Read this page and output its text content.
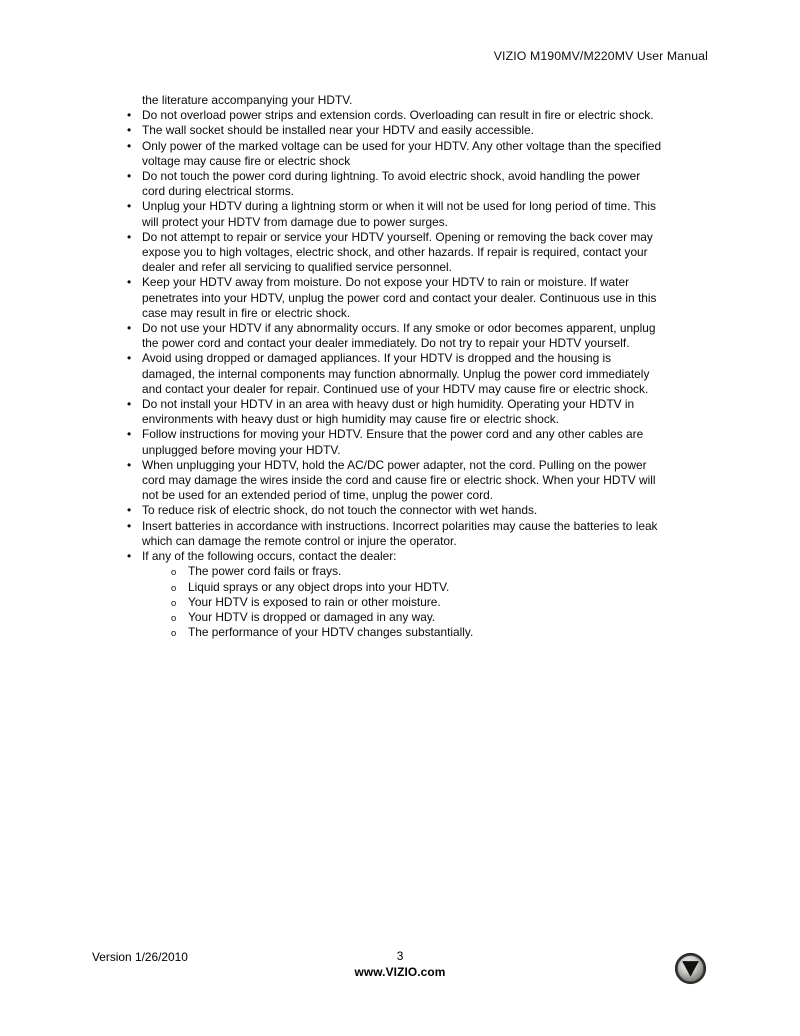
VIZIO M190MV/M220MV User Manual

the literature accompanying your HDTV.

• Do not overload power strips and extension cords. Overloading can result in fire or electric shock.
• The wall socket should be installed near your HDTV and easily accessible.
• Only power of the marked voltage can be used for your HDTV. Any other voltage than the specified voltage may cause fire or electric shock
• Do not touch the power cord during lightning. To avoid electric shock, avoid handling the power cord during electrical storms.
• Unplug your HDTV during a lightning storm or when it will not be used for long period of time. This will protect your HDTV from damage due to power surges.
• Do not attempt to repair or service your HDTV yourself. Opening or removing the back cover may expose you to high voltages, electric shock, and other hazards. If repair is required, contact your dealer and refer all servicing to qualified service personnel.
• Keep your HDTV away from moisture. Do not expose your HDTV to rain or moisture. If water penetrates into your HDTV, unplug the power cord and contact your dealer. Continuous use in this case may result in fire or electric shock.
• Do not use your HDTV if any abnormality occurs. If any smoke or odor becomes apparent, unplug the power cord and contact your dealer immediately. Do not try to repair your HDTV yourself.
• Avoid using dropped or damaged appliances. If your HDTV is dropped and the housing is damaged, the internal components may function abnormally. Unplug the power cord immediately and contact your dealer for repair. Continued use of your HDTV may cause fire or electric shock.
• Do not install your HDTV in an area with heavy dust or high humidity. Operating your HDTV in environments with heavy dust or high humidity may cause fire or electric shock.
• Follow instructions for moving your HDTV. Ensure that the power cord and any other cables are unplugged before moving your HDTV.
• When unplugging your HDTV, hold the AC/DC power adapter, not the cord. Pulling on the power cord may damage the wires inside the cord and cause fire or electric shock. When your HDTV will not be used for an extended period of time, unplug the power cord.
• To reduce risk of electric shock, do not touch the connector with wet hands.
• Insert batteries in accordance with instructions. Incorrect polarities may cause the batteries to leak which can damage the remote control or injure the operator.
• If any of the following occurs, contact the dealer:
o The power cord fails or frays.
o Liquid sprays or any object drops into your HDTV.
o Your HDTV is exposed to rain or other moisture.
o Your HDTV is dropped or damaged in any way.
o The performance of your HDTV changes substantially.
Version 1/26/2010	3
www.VIZIO.com
